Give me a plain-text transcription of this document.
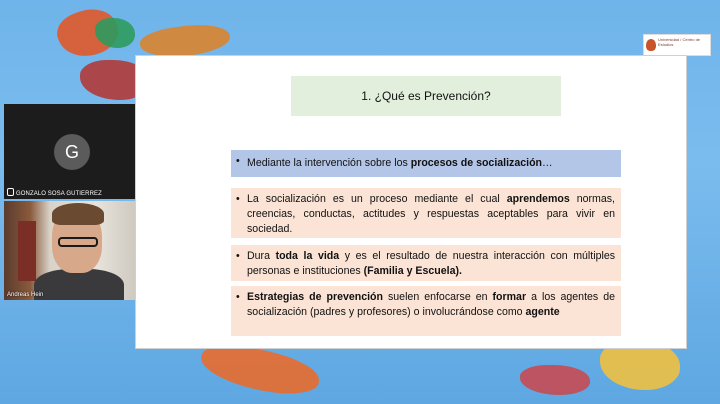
Universidad / Centro de Estudios
1. ¿Qué es Prevención?
• Mediante la intervención sobre los procesos de socialización…
• La socialización es un proceso mediante el cual aprendemos normas, creencias, conductas, actitudes y respuestas aceptables para vivir en sociedad.
• Dura toda la vida y es el resultado de nuestra interacción con múltiples personas e instituciones (Familia y Escuela).
• Estrategias de prevención suelen enfocarse en formar a los agentes de socialización (padres y profesores) o involucrándose como agente
G
GONZALO SOSA GUTIERREZ
Andreas Hein
